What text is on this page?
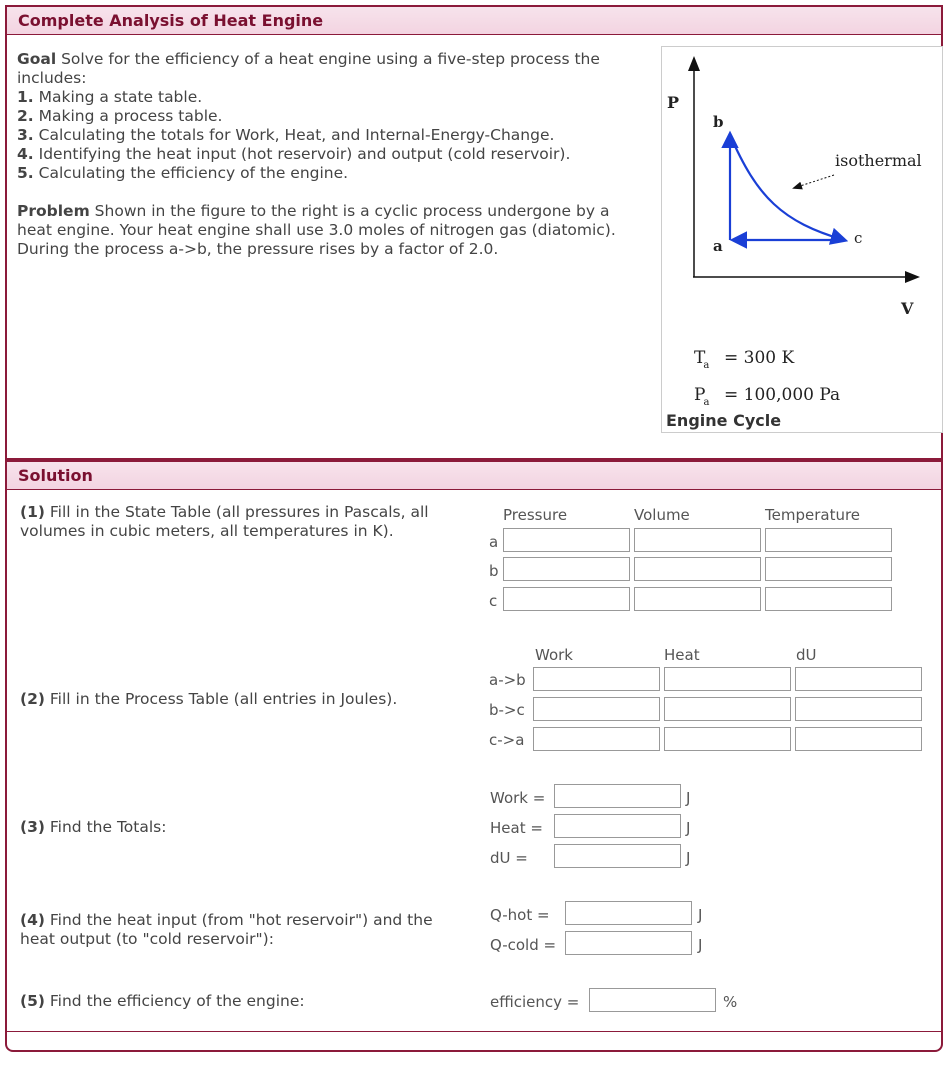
Complete Analysis of Heat Engine

Goal Solve for the efficiency of a heat engine using a five-step process the includes:

1. Making a state table.

2. Making a process table.

3. Calculating the totals for Work, Heat, and Internal-Energy-Change.

4. Identifying the heat input (hot reservoir) and output (cold reservoir).

5. Calculating the efficiency of the engine.

Problem Shown in the figure to the right is a cyclic process undergone by a heat engine. Your heat engine shall use 3.0 moles of nitrogen gas (diatomic). During the process a->b, the pressure rises by a factor of 2.0.

P
V
b
a	c
isothermal
Ta = 300 K
Pa = 100,000 Pa
Engine Cycle
Solution
(1) Fill in the State Table (all pressures in Pascals, all volumes in cubic meters, all temperatures in K).
Pressure	Volume	Temperature
a
b
c
(2) Fill in the Process Table (all entries in Joules).
Work	Heat	dU
a->b
b->c
c->a
(3) Find the Totals:
Work =	J
Heat =	J
dU =	J
(4) Find the heat input (from "hot reservoir") and the heat output (to "cold reservoir"):
Q-hot =	J
Q-cold =	J
(5) Find the efficiency of the engine:	efficiency =	%
